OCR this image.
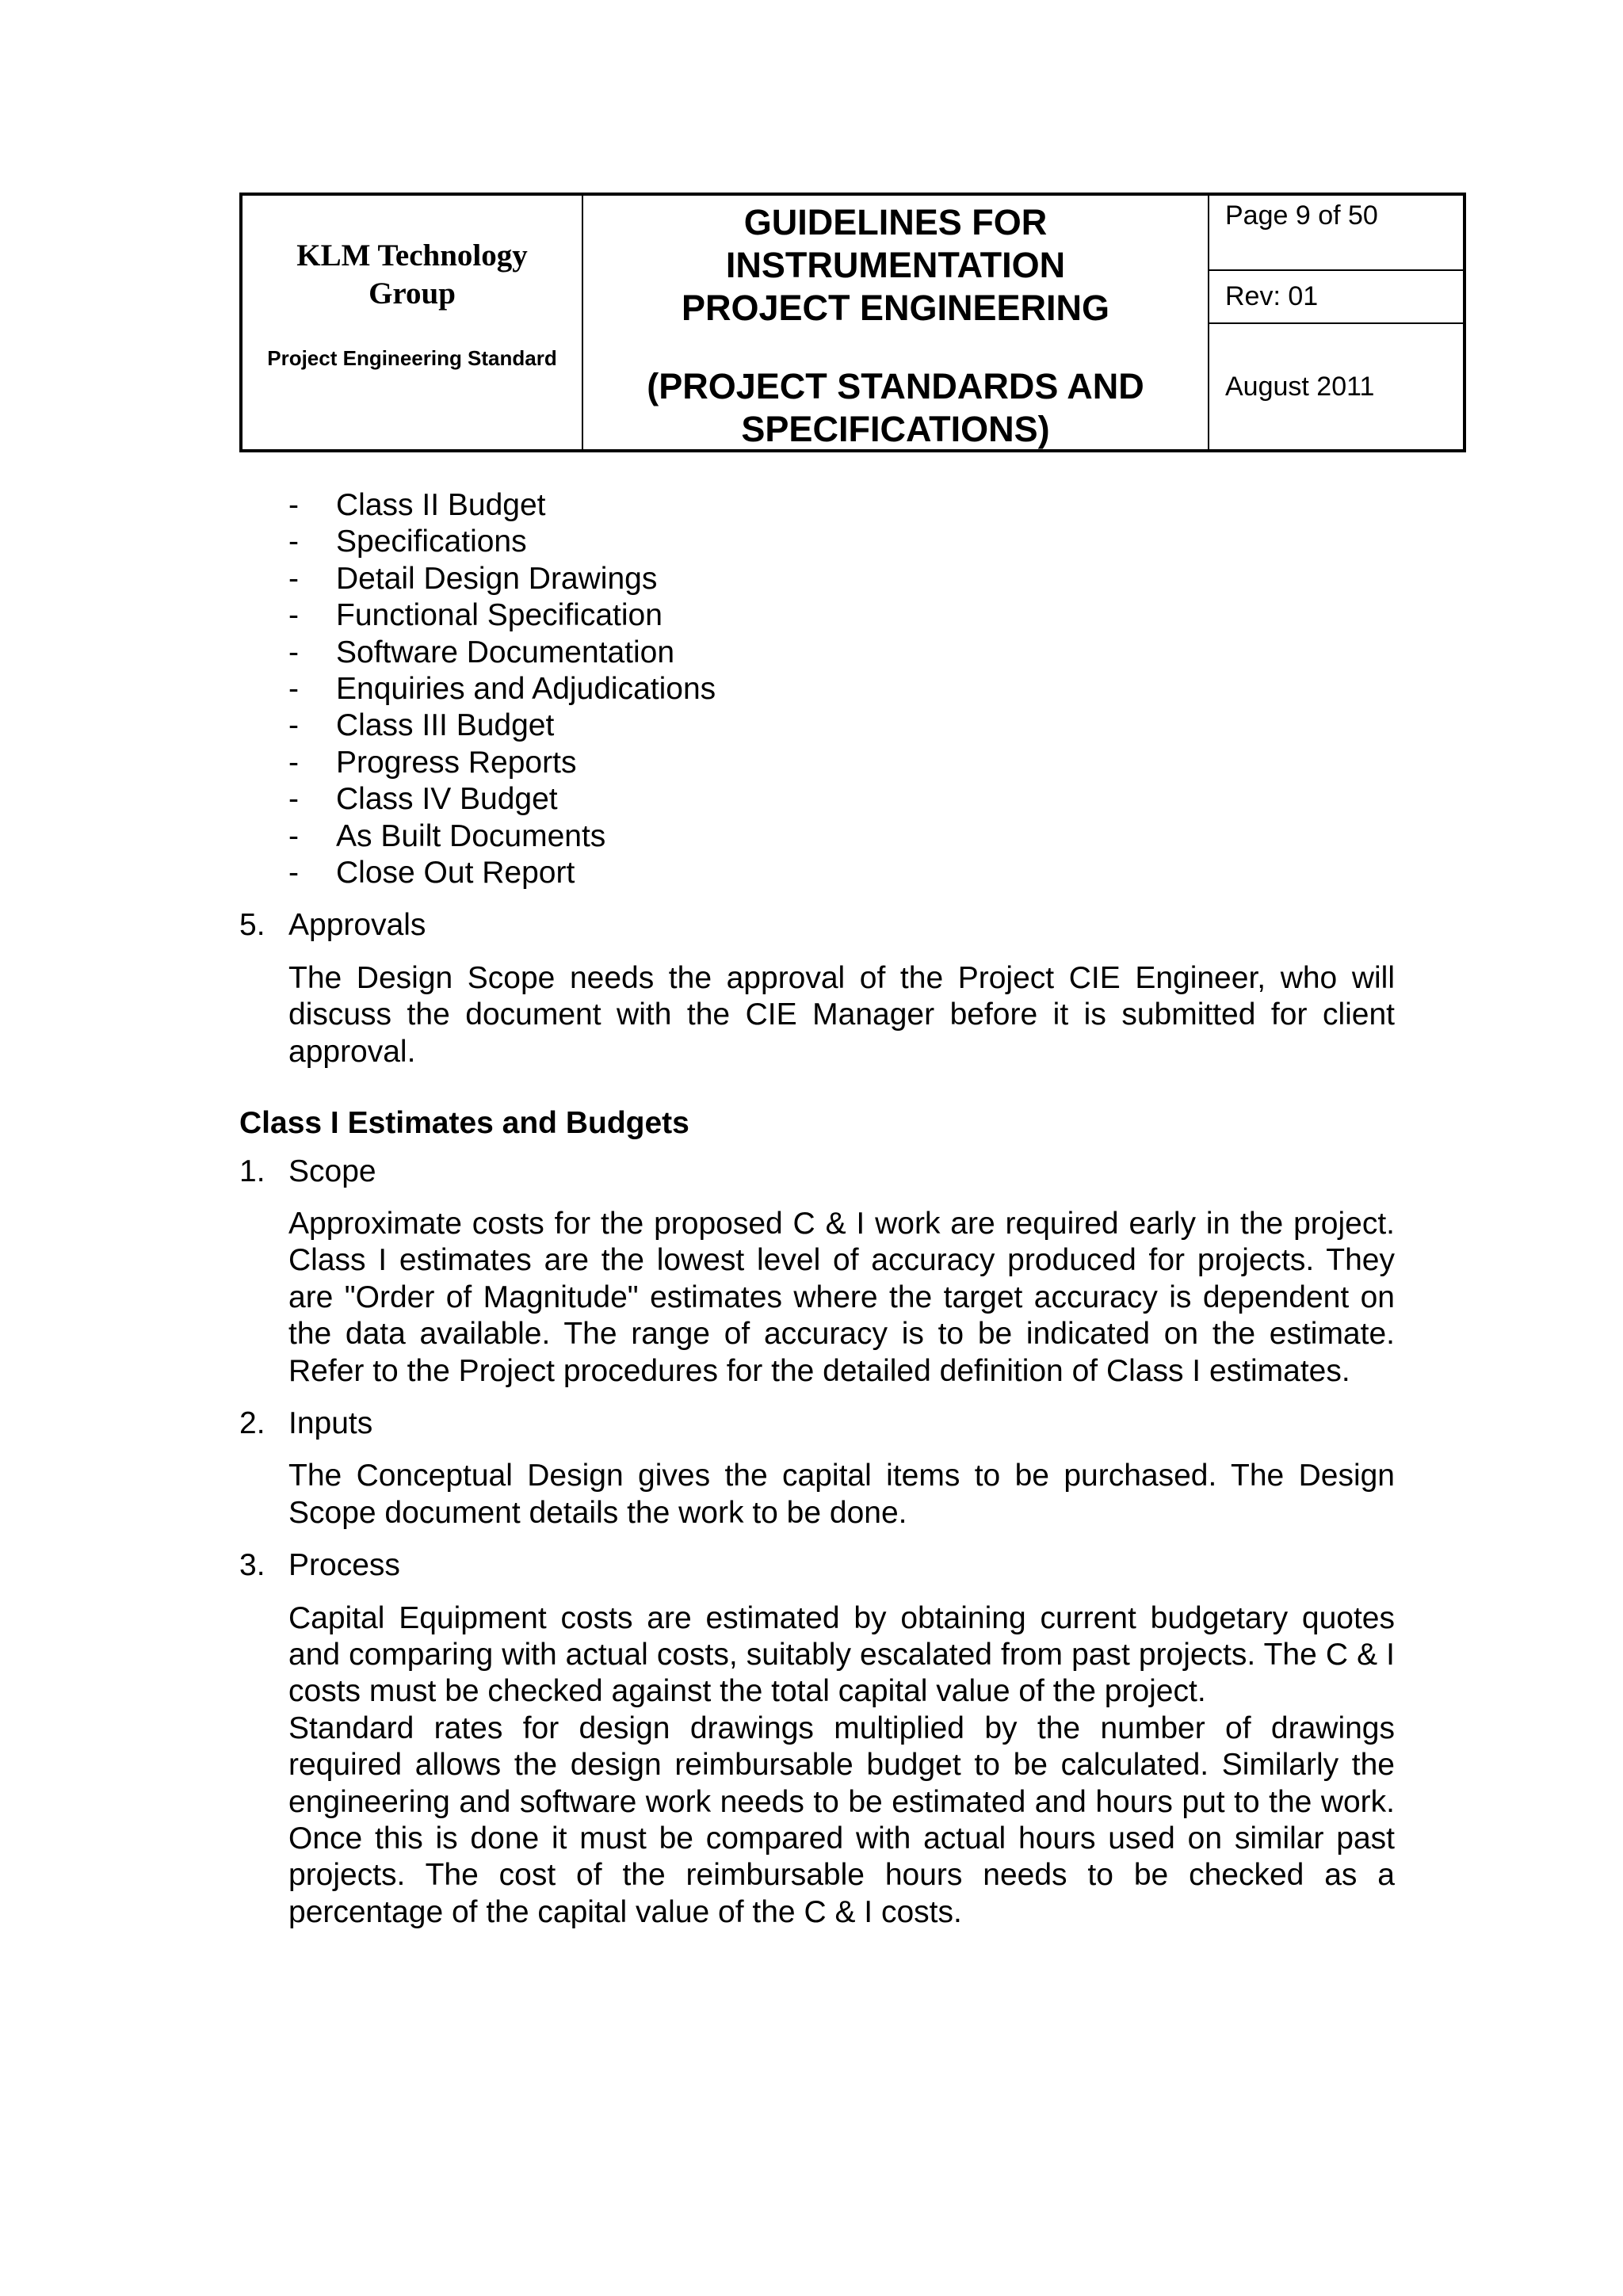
KLM Technology
Group
Project Engineering Standard
GUIDELINES FOR
INSTRUMENTATION
PROJECT ENGINEERING
(PROJECT STANDARDS AND
SPECIFICATIONS)
Page 9 of 50
Rev: 01
August 2011
- Class II Budget
- Specifications
- Detail Design Drawings
- Functional Specification
- Software Documentation
- Enquiries and Adjudications
- Class III Budget
- Progress Reports
- Class IV Budget
- As Built Documents
- Close Out Report
5. Approvals

The Design Scope needs the approval of the Project CIE Engineer, who will discuss the document with the CIE Manager before it is submitted for client approval.

Class I Estimates and Budgets
1. Scope

Approximate costs for the proposed C & I work are required early in the project. Class I estimates are the lowest level of accuracy produced for projects. They are "Order of Magnitude" estimates where the target accuracy is dependent on the data available. The range of accuracy is to be indicated on the estimate. Refer to the Project procedures for the detailed definition of Class I estimates.

2. Inputs

The Conceptual Design gives the capital items to be purchased. The Design Scope document details the work to be done.

3. Process

Capital Equipment costs are estimated by obtaining current budgetary quotes and comparing with actual costs, suitably escalated from past projects. The C & I costs must be checked against the total capital value of the project.

Standard rates for design drawings multiplied by the number of drawings required allows the design reimbursable budget to be calculated. Similarly the engineering and software work needs to be estimated and hours put to the work. Once this is done it must be compared with actual hours used on similar past projects. The cost of the reimbursable hours needs to be checked as a percentage of the capital value of the C & I costs.
